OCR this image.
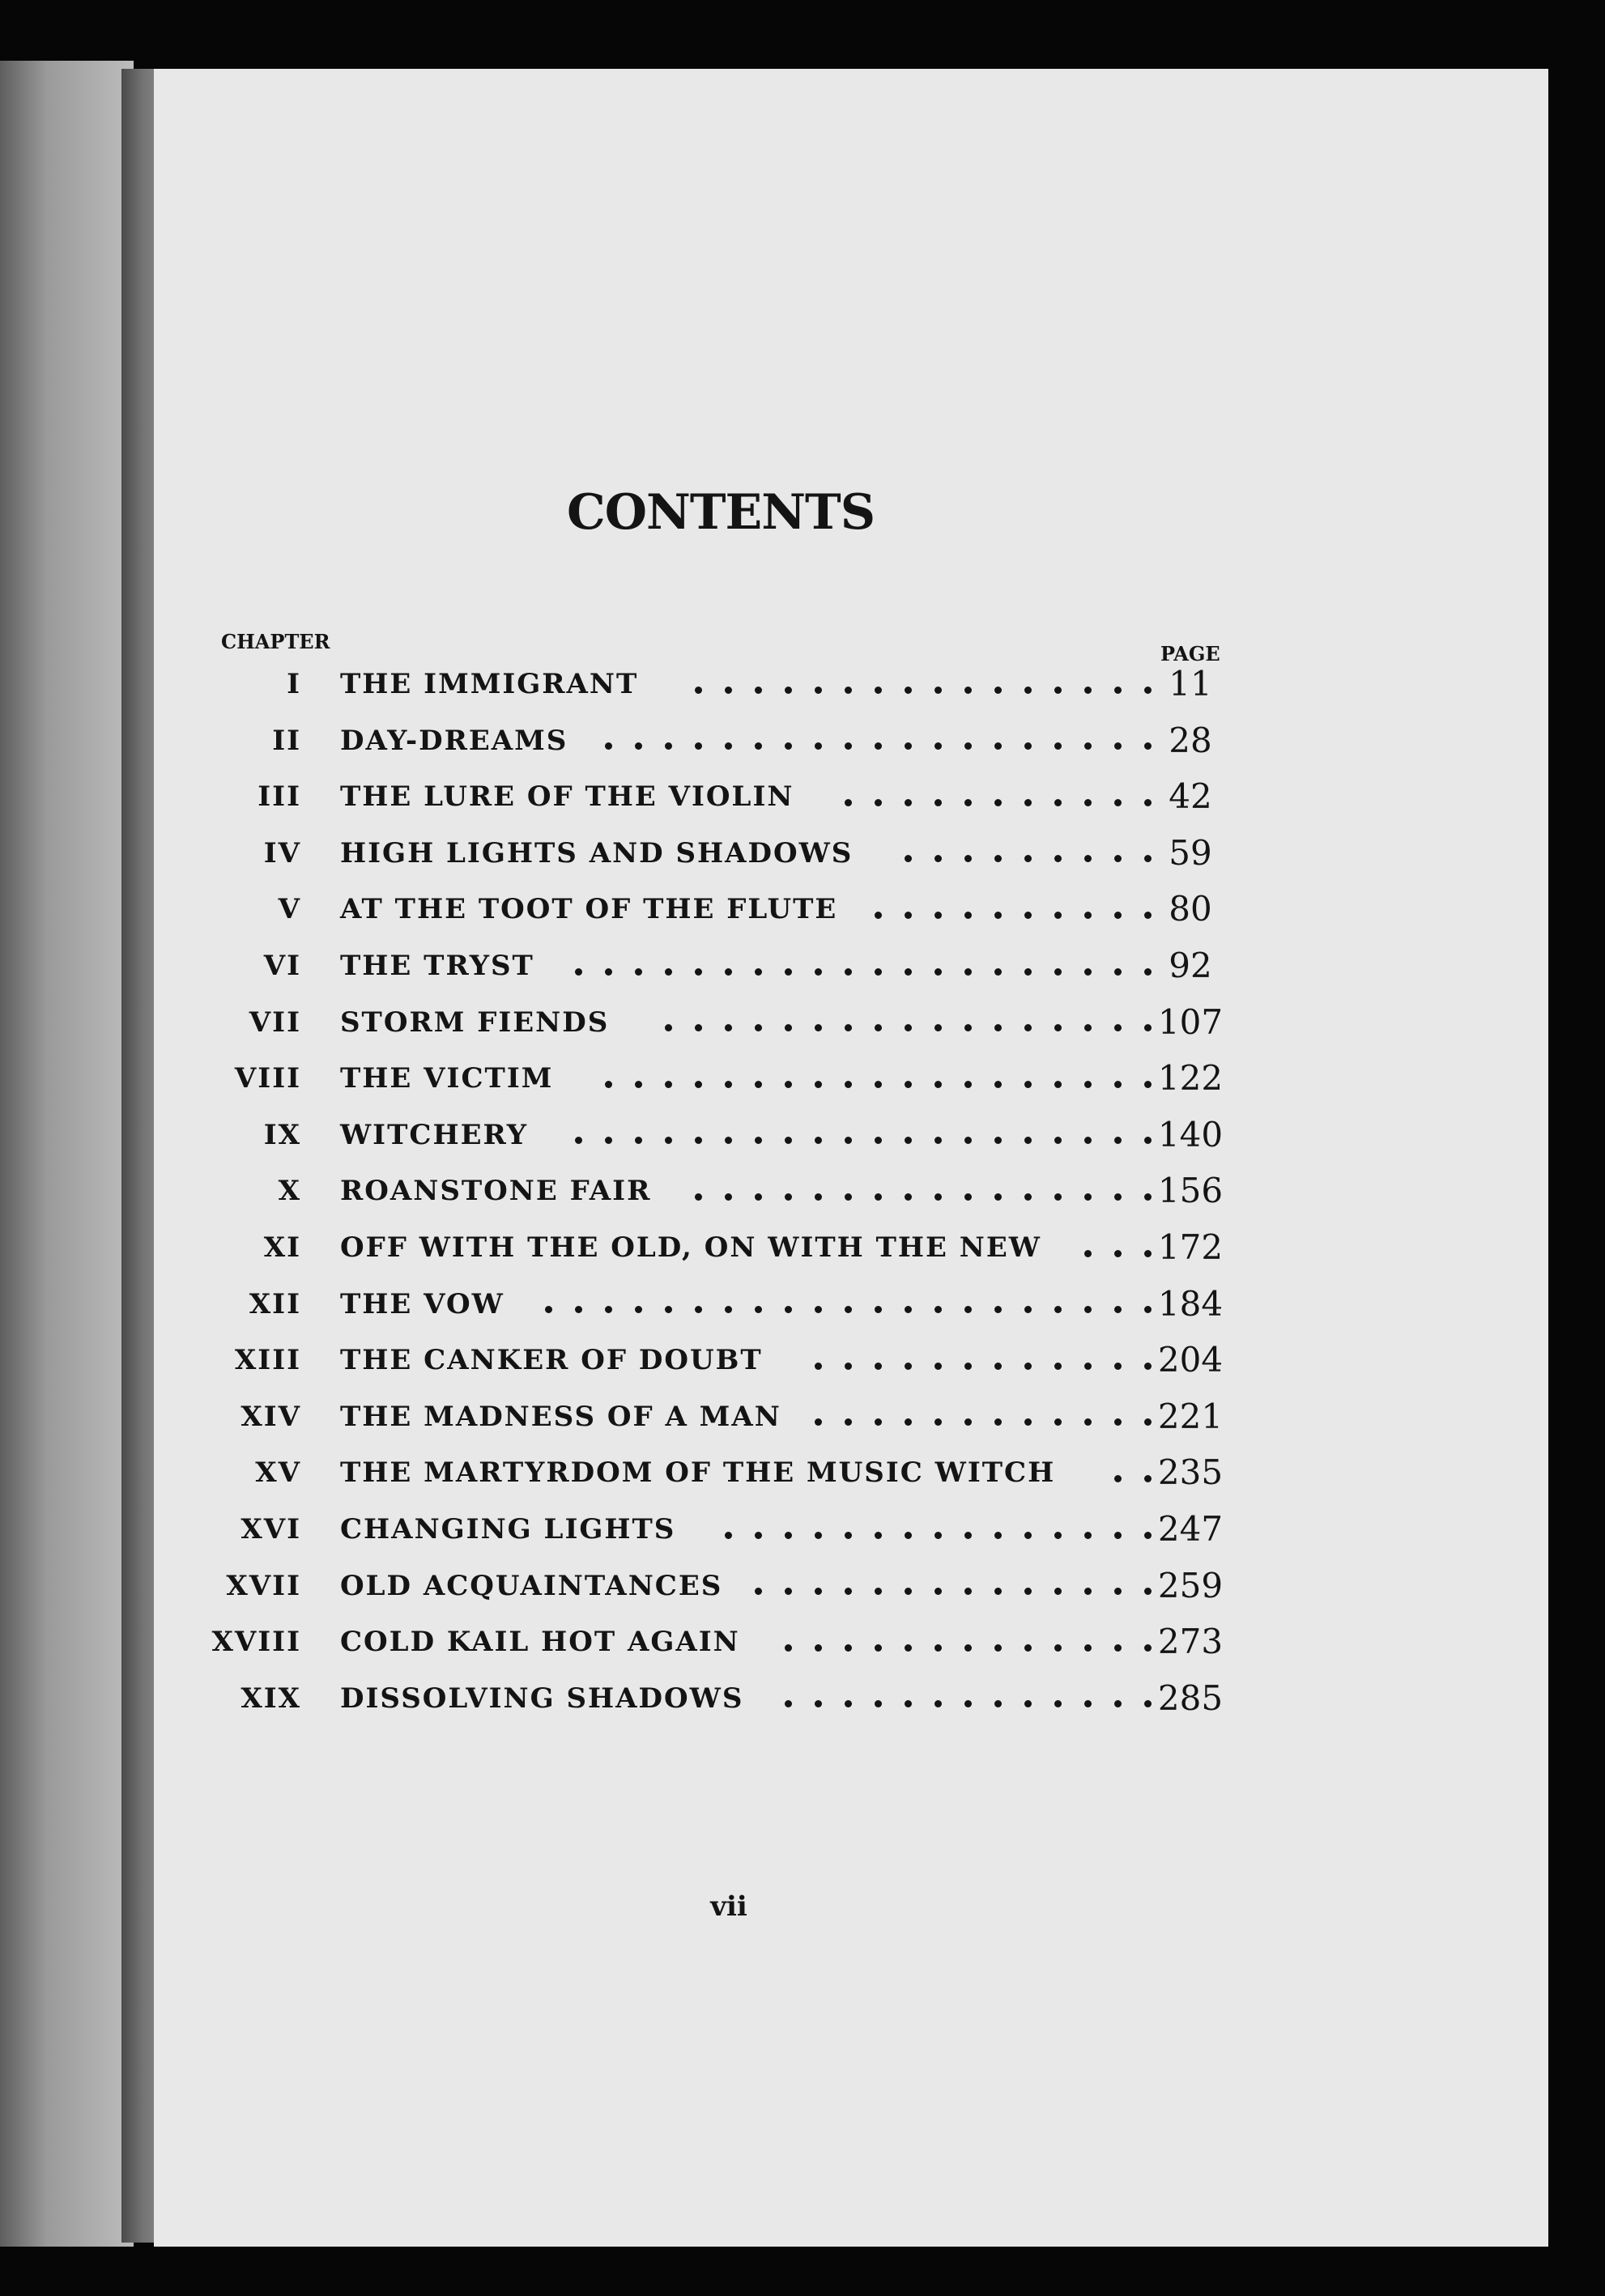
CONTENTS
CHAPTER
PAGE
I THE IMMIGRANT	11
II DAY-DREAMS	28
III THE LURE OF THE VIOLIN	42
IV HIGH LIGHTS AND SHADOWS	59
V AT THE TOOT OF THE FLUTE	80
VI THE TRYST	92
VII STORM FIENDS	107
VIII THE VICTIM	122
IX WITCHERY	140
X ROANSTONE FAIR	156
XI OFF WITH THE OLD, ON WITH THE NEW	172
XII THE VOW	184
XIII THE CANKER OF DOUBT	204
XIV THE MADNESS OF A MAN	221
XV THE MARTYRDOM OF THE MUSIC WITCH	235
XVI CHANGING LIGHTS	247
XVII OLD ACQUAINTANCES	259
XVIII COLD KAIL HOT AGAIN	273
XIX DISSOLVING SHADOWS	285
vii
